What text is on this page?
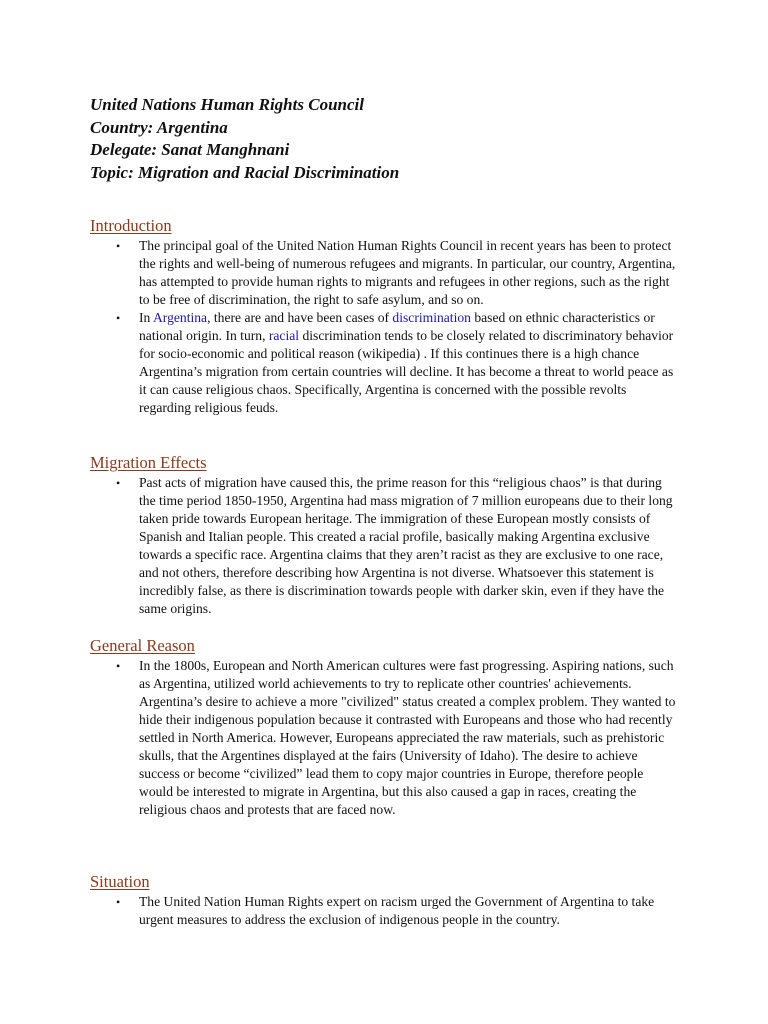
United Nations Human Rights Council
Country: Argentina
Delegate: Sanat Manghnani
Topic: Migration and Racial Discrimination
Introduction
• The principal goal of the United Nation Human Rights Council in recent years has been to protect the rights and well-being of numerous refugees and migrants. In particular, our country, Argentina, has attempted to provide human rights to migrants and refugees in other regions, such as the right to be free of discrimination, the right to safe asylum, and so on.
• In Argentina, there are and have been cases of discrimination based on ethnic characteristics or national origin. In turn, racial discrimination tends to be closely related to discriminatory behavior for socio-economic and political reason (wikipedia) . If this continues there is a high chance Argentina’s migration from certain countries will decline. It has become a threat to world peace as it can cause religious chaos. Specifically, Argentina is concerned with the possible revolts regarding religious feuds.
Migration Effects
• Past acts of migration have caused this, the prime reason for this “religious chaos” is that during the time period 1850-1950, Argentina had mass migration of 7 million europeans due to their long taken pride towards European heritage. The immigration of these European mostly consists of Spanish and Italian people. This created a racial profile, basically making Argentina exclusive towards a specific race. Argentina claims that they aren’t racist as they are exclusive to one race, and not others, therefore describing how Argentina is not diverse. Whatsoever this statement is incredibly false, as there is discrimination towards people with darker skin, even if they have the same origins.
General Reason
• In the 1800s, European and North American cultures were fast progressing. Aspiring nations, such as Argentina, utilized world achievements to try to replicate other countries' achievements. Argentina’s desire to achieve a more "civilized" status created a complex problem. They wanted to hide their indigenous population because it contrasted with Europeans and those who had recently settled in North America. However, Europeans appreciated the raw materials, such as prehistoric skulls, that the Argentines displayed at the fairs (University of Idaho). The desire to achieve success or become “civilized” lead them to copy major countries in Europe, therefore people would be interested to migrate in Argentina, but this also caused a gap in races, creating the religious chaos and protests that are faced now.
Situation
• The United Nation Human Rights expert on racism urged the Government of Argentina to take urgent measures to address the exclusion of indigenous people in the country.
